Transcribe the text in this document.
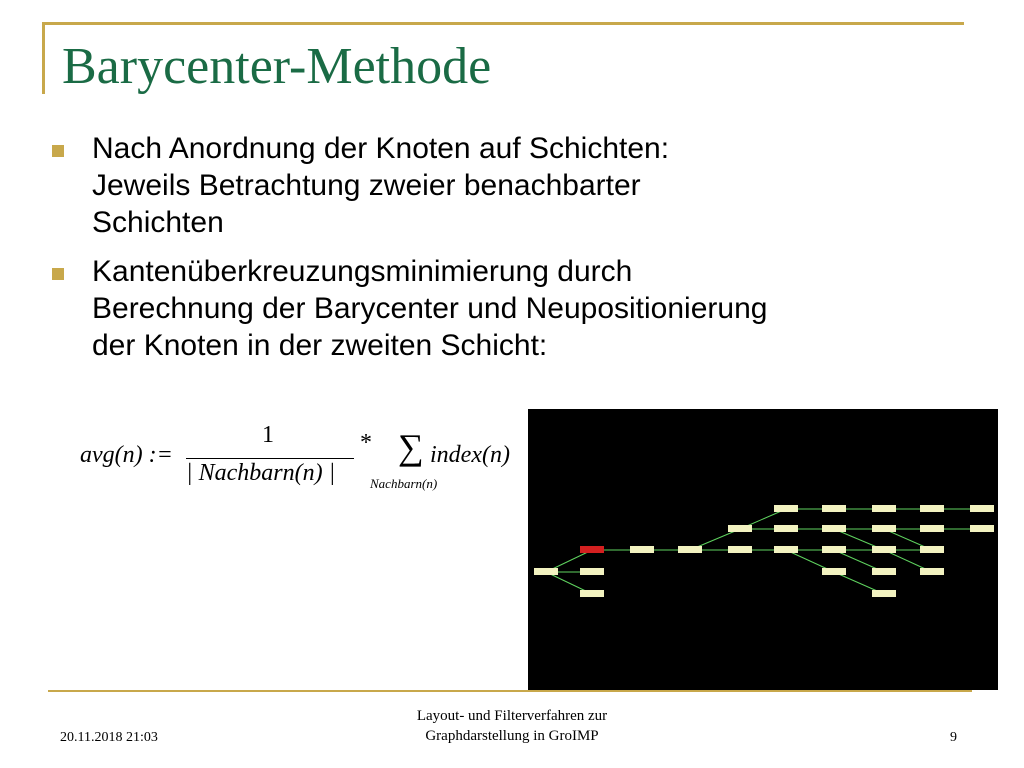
Barycenter-Methode
Nach Anordnung der Knoten auf Schichten:
Jeweils Betrachtung zweier benachbarter
Schichten
Kantenüberkreuzungsminimierung durch
Berechnung der Barycenter und Neupositionierung
der Knoten in der zweiten Schicht:
avg(n) :=
1
| Nachbarn(n) |
* ∑ index(n)
Nachbarn(n)
20.11.2018 21:03
Layout- und Filterverfahren zur
Graphdarstellung in GroIMP	9
